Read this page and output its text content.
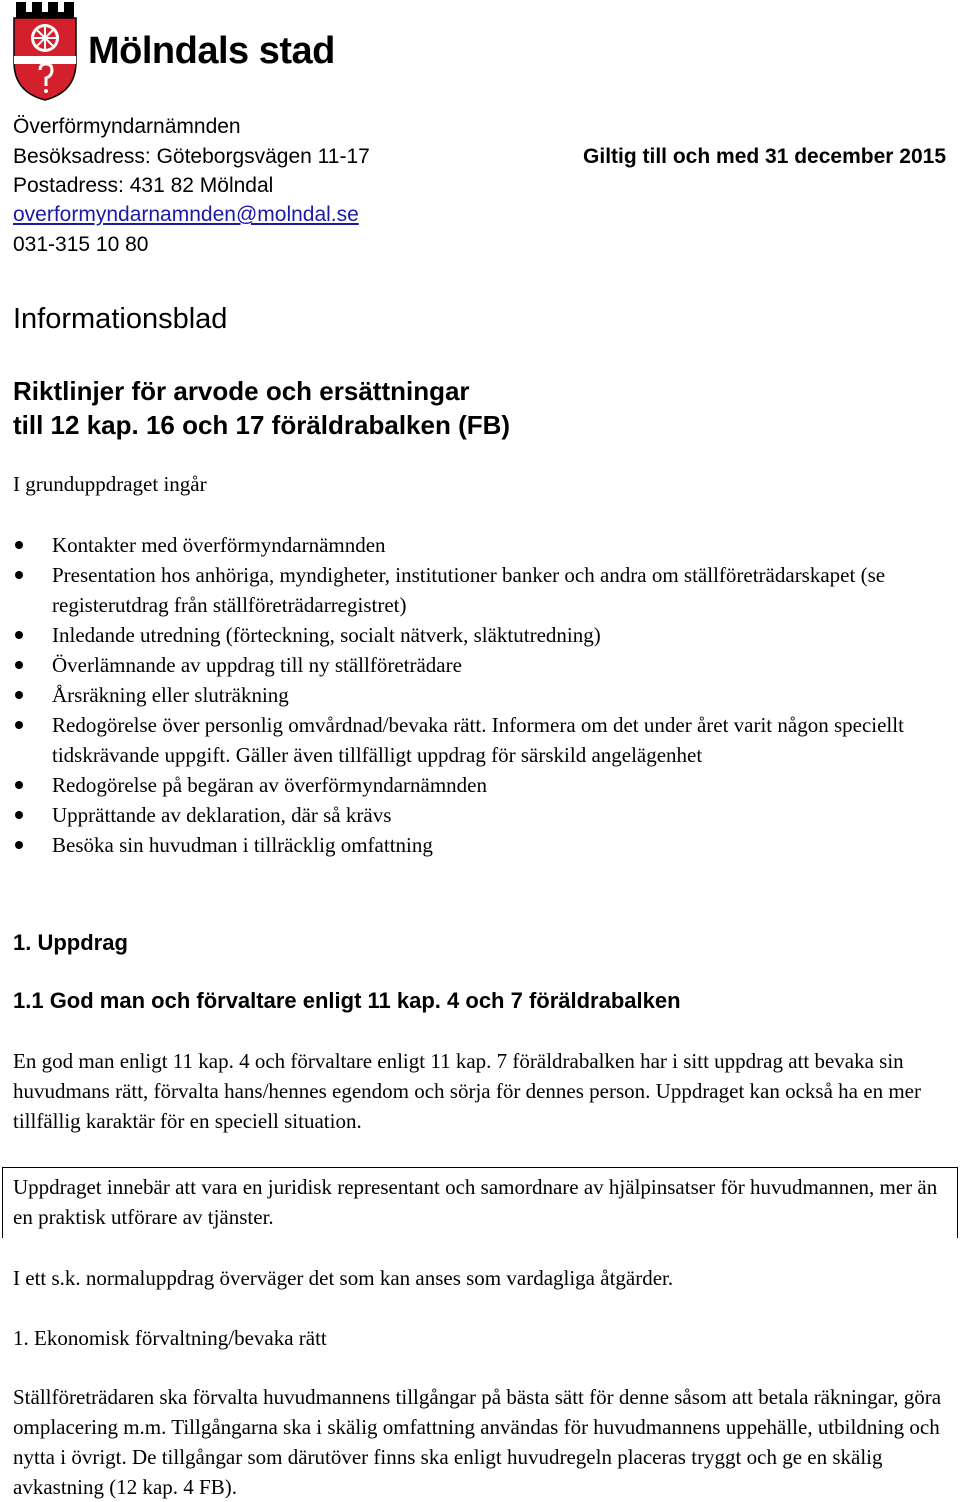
Mölndals stad
Överförmyndarnämnden
Besöksadress: Göteborgsvägen 11-17
Postadress: 431 82 Mölndal
overformyndarnamnden@molndal.se
031-315 10 80
Giltig till och med 31 december 2015
Informationsblad
Riktlinjer för arvode och ersättningar
till 12 kap. 16 och 17 föräldrabalken (FB)
I grunduppdraget ingår
Kontakter med överförmyndarnämnden
Presentation hos anhöriga, myndigheter, institutioner banker och andra om ställföreträdarskapet (se registerutdrag från ställföreträdarregistret)
Inledande utredning (förteckning, socialt nätverk, släktutredning)
Överlämnande av uppdrag till ny ställföreträdare
Årsräkning eller sluträkning
Redogörelse över personlig omvårdnad/bevaka rätt. Informera om det under året varit någon speciellt tidskrävande uppgift. Gäller även tillfälligt uppdrag för särskild angelägenhet
Redogörelse på begäran av överförmyndarnämnden
Upprättande av deklaration, där så krävs
Besöka sin huvudman i tillräcklig omfattning
1. Uppdrag
1.1 God man och förvaltare enligt 11 kap. 4 och 7 föräldrabalken
En god man enligt 11 kap. 4 och förvaltare enligt 11 kap. 7 föräldrabalken har i sitt uppdrag att bevaka sin huvudmans rätt, förvalta hans/hennes egendom och sörja för dennes person. Uppdraget kan också ha en mer tillfällig karaktär för en speciell situation.
Uppdraget innebär att vara en juridisk representant och samordnare av hjälpinsatser för huvudmannen, mer än en praktisk utförare av tjänster.
I ett s.k. normaluppdrag överväger det som kan anses som vardagliga åtgärder.
1. Ekonomisk förvaltning/bevaka rätt
Ställföreträdaren ska förvalta huvudmannens tillgångar på bästa sätt för denne såsom att betala räkningar, göra omplacering m.m. Tillgångarna ska i skälig omfattning användas för huvudmannens uppehälle, utbildning och nytta i övrigt. De tillgångar som därutöver finns ska enligt huvudregeln placeras tryggt och ge en skälig avkastning (12 kap. 4 FB).
